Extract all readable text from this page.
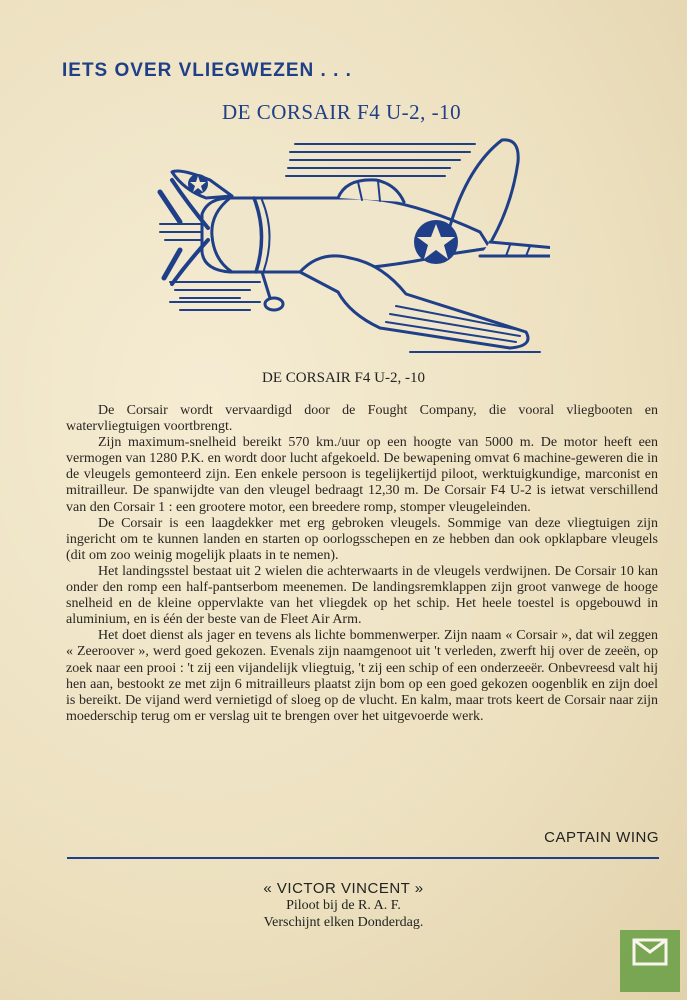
IETS OVER VLIEGWEZEN . . .
DE CORSAIR F4 U-2, -10
DE CORSAIR F4 U-2, -10

De Corsair wordt vervaardigd door de Fought Company, die vooral vliegbooten en watervliegtuigen voortbrengt.

Zijn maximum-snelheid bereikt 570 km./uur op een hoogte van 5000 m. De motor heeft een vermogen van 1280 P.K. en wordt door lucht afgekoeld. De bewapening omvat 6 machine-geweren die in de vleugels gemonteerd zijn. Een enkele persoon is tegelijkertijd piloot, werktuigkundige, marconist en mitrailleur. De spanwijdte van den vleugel bedraagt 12,30 m. De Corsair F4 U-2 is ietwat verschillend van den Corsair 1 : een grootere motor, een breedere romp, stomper vleugeleinden.

De Corsair is een laagdekker met erg gebroken vleugels. Sommige van deze vliegtuigen zijn ingericht om te kunnen landen en starten op oorlogsschepen en ze hebben dan ook opklapbare vleugels (dit om zoo weinig mogelijk plaats in te nemen).

Het landingsstel bestaat uit 2 wielen die achterwaarts in de vleugels verdwijnen. De Corsair 10 kan onder den romp een half-pantserbom meenemen. De landingsremklappen zijn groot vanwege de hooge snelheid en de kleine oppervlakte van het vliegdek op het schip. Het heele toestel is opgebouwd in aluminium, en is één der beste van de Fleet Air Arm.

Het doet dienst als jager en tevens als lichte bommenwerper. Zijn naam « Corsair », dat wil zeggen « Zeeroover », werd goed gekozen. Evenals zijn naamgenoot uit 't verleden, zwerft hij over de zeeën, op zoek naar een prooi : 't zij een vijandelijk vliegtuig, 't zij een schip of een onderzeeër. Onbevreesd valt hij hen aan, bestookt ze met zijn 6 mitrailleurs plaatst zijn bom op een goed gekozen oogenblik en zijn doel is bereikt. De vijand werd vernietigd of sloeg op de vlucht. En kalm, maar trots keert de Corsair naar zijn moederschip terug om er verslag uit te brengen over het uitgevoerde werk.

CAPTAIN WING
« VICTOR VINCENT »
Piloot bij de R. A. F.
Verschijnt elken Donderdag.
